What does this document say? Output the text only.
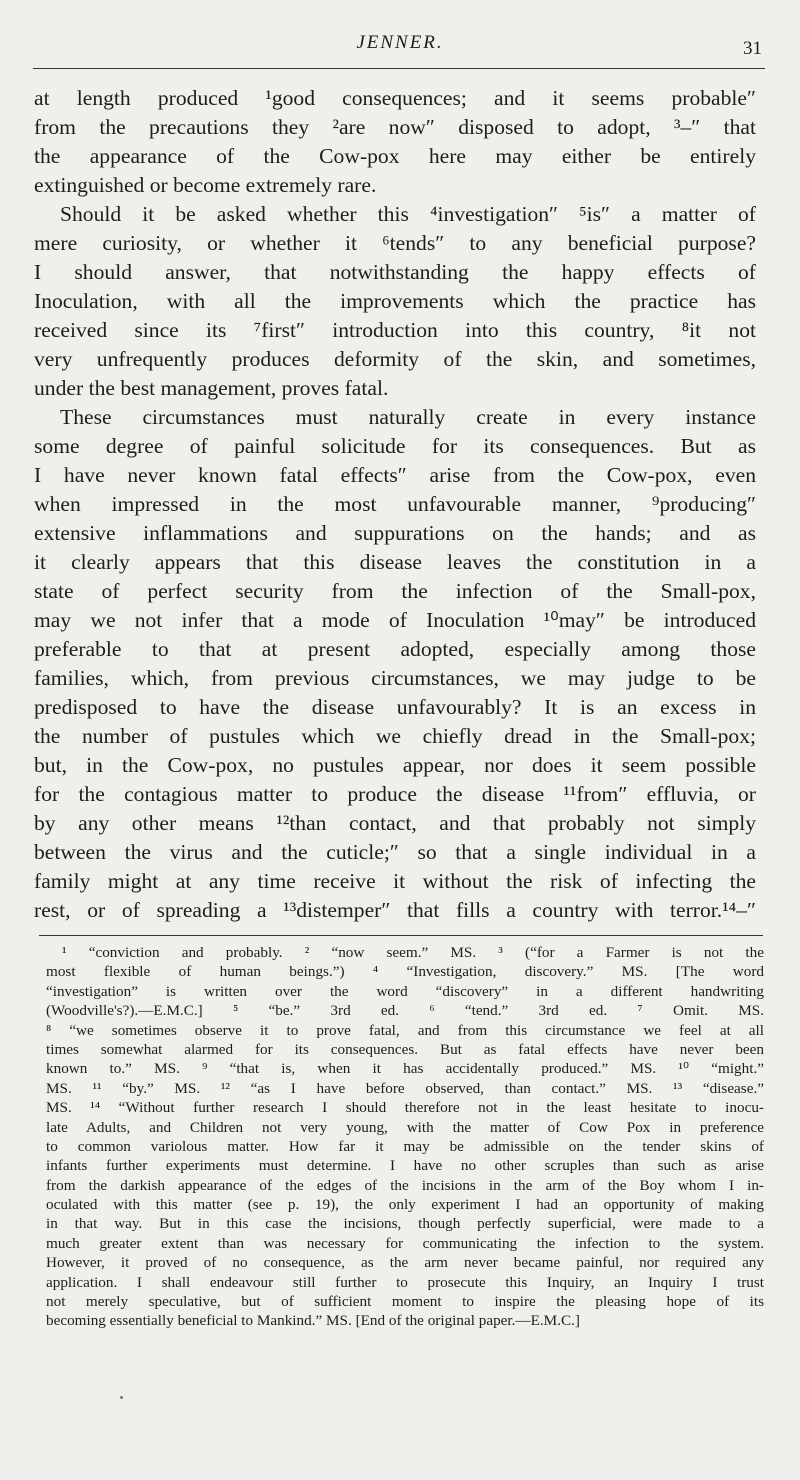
JENNER.	31
at length produced ¹good consequences; and it seems probable″
from the precautions they ²are now″ disposed to adopt, ³–″ that
the appearance of the Cow-pox here may either be entirely
extinguished or become extremely rare.
Should it be asked whether this ⁴investigation″ ⁵is″ a matter of
mere curiosity, or whether it ⁶tends″ to any beneficial purpose?
I should answer, that notwithstanding the happy effects of
Inoculation, with all the improvements which the practice has
received since its ⁷first″ introduction into this country, ⁸it not
very unfrequently produces deformity of the skin, and sometimes,
under the best management, proves fatal.
These circumstances must naturally create in every instance
some degree of painful solicitude for its consequences. But as
I have never known fatal effects″ arise from the Cow-pox, even
when impressed in the most unfavourable manner, ⁹producing″
extensive inflammations and suppurations on the hands; and as
it clearly appears that this disease leaves the constitution in a
state of perfect security from the infection of the Small-pox,
may we not infer that a mode of Inoculation ¹⁰may″ be introduced
preferable to that at present adopted, especially among those
families, which, from previous circumstances, we may judge to be
predisposed to have the disease unfavourably? It is an excess in
the number of pustules which we chiefly dread in the Small-pox;
but, in the Cow-pox, no pustules appear, nor does it seem possible
for the contagious matter to produce the disease ¹¹from″ effluvia, or
by any other means ¹²than contact, and that probably not simply
between the virus and the cuticle;″ so that a single individual in a
family might at any time receive it without the risk of infecting the
rest, or of spreading a ¹³distemper″ that fills a country with terror.¹⁴–″
¹ “conviction and probably. ² “now seem.” MS. ³ (“for a Farmer is not the
most flexible of human beings.”) ⁴ “Investigation, discovery.” MS. [The word
“investigation” is written over the word “discovery” in a different handwriting
(Woodville's?).—E.M.C.] ⁵ “be.” 3rd ed. ⁶ “tend.” 3rd ed. ⁷ Omit. MS.
⁸ “we sometimes observe it to prove fatal, and from this circumstance we feel at all
times somewhat alarmed for its consequences. But as fatal effects have never been
known to.” MS. ⁹ “that is, when it has accidentally produced.” MS. ¹⁰ “might.”
MS. ¹¹ “by.” MS. ¹² “as I have before observed, than contact.” MS. ¹³ “disease.”
MS. ¹⁴ “Without further research I should therefore not in the least hesitate to inocu-
late Adults, and Children not very young, with the matter of Cow Pox in preference
to common variolous matter. How far it may be admissible on the tender skins of
infants further experiments must determine. I have no other scruples than such as arise
from the darkish appearance of the edges of the incisions in the arm of the Boy whom I in-
oculated with this matter (see p. 19), the only experiment I had an opportunity of making
in that way. But in this case the incisions, though perfectly superficial, were made to a
much greater extent than was necessary for communicating the infection to the system.
However, it proved of no consequence, as the arm never became painful, nor required any
application. I shall endeavour still further to prosecute this Inquiry, an Inquiry I trust
not merely speculative, but of sufficient moment to inspire the pleasing hope of its
becoming essentially beneficial to Mankind.” MS. [End of the original paper.—E.M.C.]
